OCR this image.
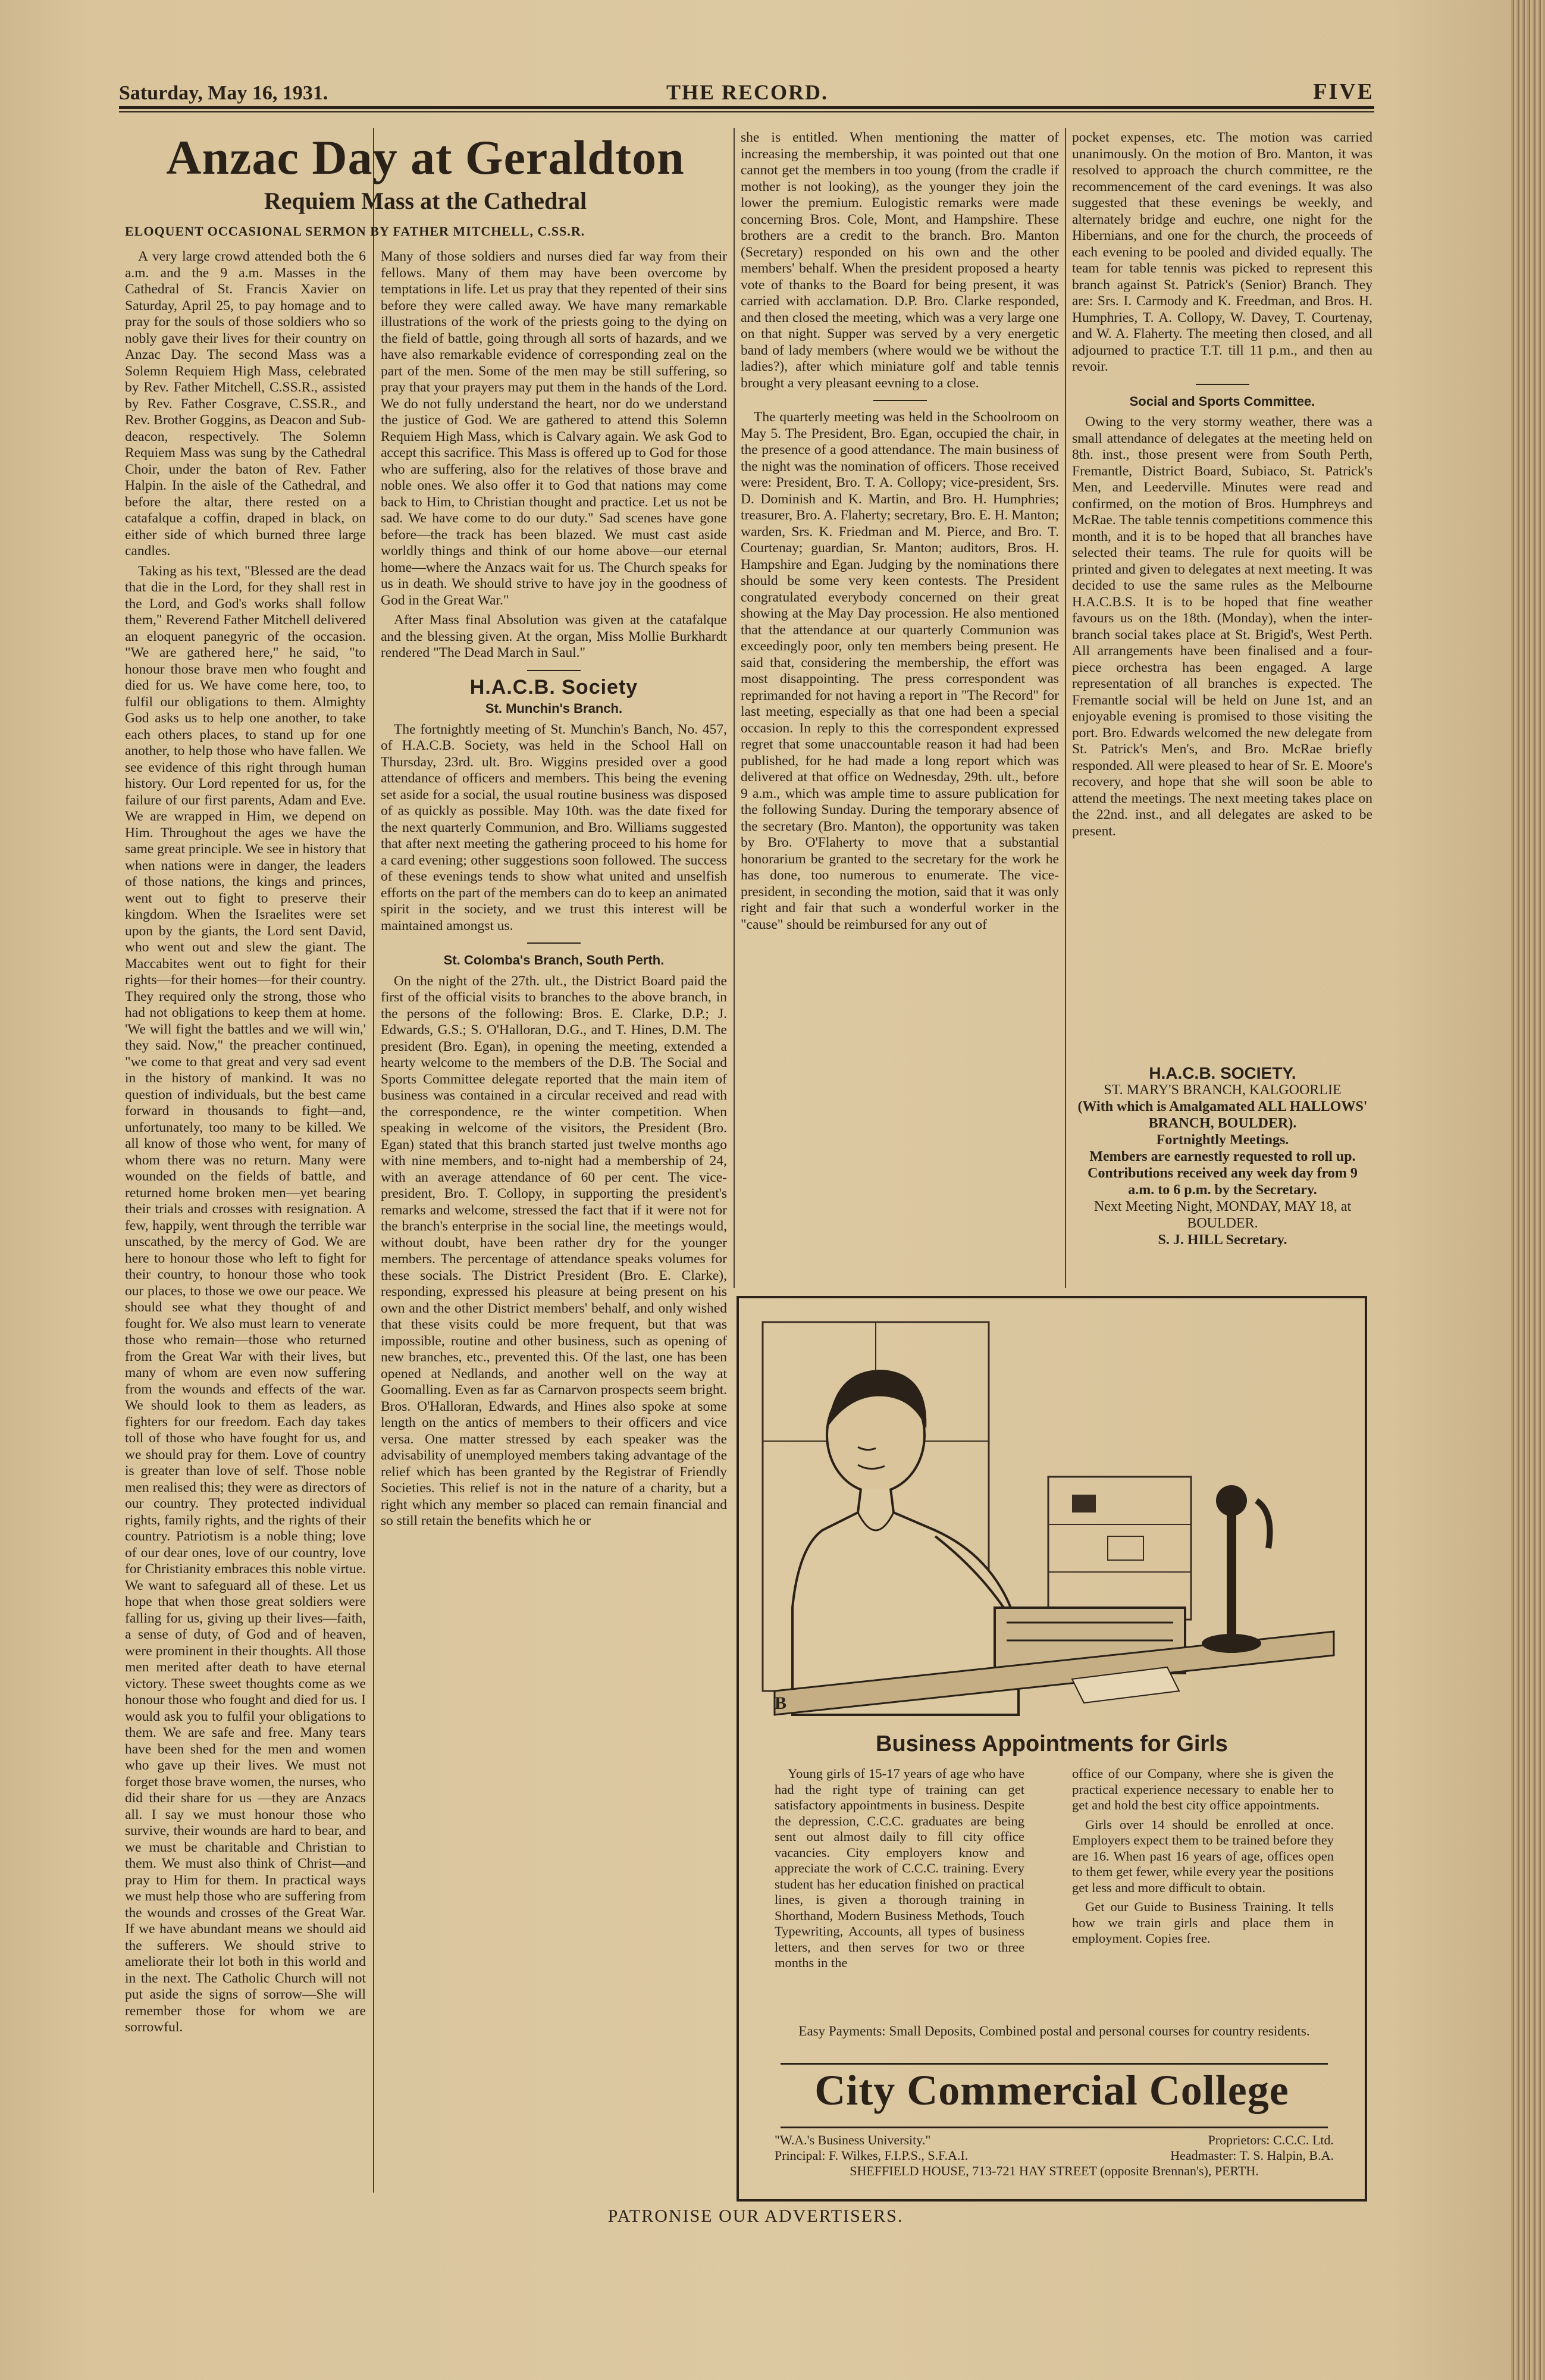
Saturday, May 16, 1931.	THE RECORD.	FIVE
Anzac Day at Geraldton
Requiem Mass at the Cathedral
ELOQUENT OCCASIONAL SERMON BY FATHER MITCHELL, C.SS.R.

A very large crowd attended both the 6 a.m. and the 9 a.m. Masses in the Cathedral of St. Francis Xavier on Saturday, April 25, to pay homage and to pray for the souls of those soldiers who so nobly gave their lives for their country on Anzac Day. The second Mass was a Solemn Requiem High Mass, celebrated by Rev. Father Mitchell, C.SS.R., assisted by Rev. Father Cosgrave, C.SS.R., and Rev. Brother Goggins, as Deacon and Sub-deacon, respectively. The Solemn Requiem Mass was sung by the Cathedral Choir, under the baton of Rev. Father Halpin. In the aisle of the Cathedral, and before the altar, there rested on a catafalque a coffin, draped in black, on either side of which burned three large candles.

Taking as his text, "Blessed are the dead that die in the Lord, for they shall rest in the Lord, and God's works shall follow them," Reverend Father Mitchell delivered an eloquent panegyric of the occasion. "We are gathered here," he said, "to honour those brave men who fought and died for us. We have come here, too, to fulfil our obligations to them. Almighty God asks us to help one another, to take each others places, to stand up for one another, to help those who have fallen. We see evidence of this right through human history. Our Lord repented for us, for the failure of our first parents, Adam and Eve. We are wrapped in Him, we depend on Him. Throughout the ages we have the same great principle. We see in history that when nations were in danger, the leaders of those nations, the kings and princes, went out to fight to preserve their kingdom. When the Israelites were set upon by the giants, the Lord sent David, who went out and slew the giant. The Maccabites went out to fight for their rights—for their homes—for their country. They required only the strong, those who had not obligations to keep them at home. 'We will fight the battles and we will win,' they said. Now," the preacher continued, "we come to that great and very sad event in the history of mankind. It was no question of individuals, but the best came forward in thousands to fight—and, unfortunately, too many to be killed. We all know of those who went, for many of whom there was no return. Many were wounded on the fields of battle, and returned home broken men—yet bearing their trials and crosses with resignation. A few, happily, went through the terrible war unscathed, by the mercy of God. We are here to honour those who left to fight for their country, to honour those who took our places, to those we owe our peace. We should see what they thought of and fought for. We also must learn to venerate those who remain—those who returned from the Great War with their lives, but many of whom are even now suffering from the wounds and effects of the war. We should look to them as leaders, as fighters for our freedom. Each day takes toll of those who have fought for us, and we should pray for them. Love of country is greater than love of self. Those noble men realised this; they were as directors of our country. They protected individual rights, family rights, and the rights of their country. Patriotism is a noble thing; love of our dear ones, love of our country, love for Christianity embraces this noble virtue. We want to safeguard all of these. Let us hope that when those great soldiers were falling for us, giving up their lives—faith, a sense of duty, of God and of heaven, were prominent in their thoughts. All those men merited after death to have eternal victory. These sweet thoughts come as we honour those who fought and died for us. I would ask you to fulfil your obligations to them. We are safe and free. Many tears have been shed for the men and women who gave up their lives. We must not forget those brave women, the nurses, who did their share for us —they are Anzacs all. I say we must honour those who survive, their wounds are hard to bear, and we must be charitable and Christian to them. We must also think of Christ—and pray to Him for them. In practical ways we must help those who are suffering from the wounds and crosses of the Great War. If we have abundant means we should aid the sufferers. We should strive to ameliorate their lot both in this world and in the next. The Catholic Church will not put aside the signs of sorrow—She will remember those for whom we are sorrowful.

Many of those soldiers and nurses died far way from their fellows. Many of them may have been overcome by temptations in life. Let us pray that they repented of their sins before they were called away. We have many remarkable illustrations of the work of the priests going to the dying on the field of battle, going through all sorts of hazards, and we have also remarkable evidence of corresponding zeal on the part of the men. Some of the men may be still suffering, so pray that your prayers may put them in the hands of the Lord. We do not fully understand the heart, nor do we understand the justice of God. We are gathered to attend this Solemn Requiem High Mass, which is Calvary again. We ask God to accept this sacrifice. This Mass is offered up to God for those who are suffering, also for the relatives of those brave and noble ones. We also offer it to God that nations may come back to Him, to Christian thought and practice. Let us not be sad. We have come to do our duty." Sad scenes have gone before—the track has been blazed. We must cast aside worldly things and think of our home above—our eternal home—where the Anzacs wait for us. The Church speaks for us in death. We should strive to have joy in the goodness of God in the Great War."

After Mass final Absolution was given at the catafalque and the blessing given. At the organ, Miss Mollie Burkhardt rendered "The Dead March in Saul."

H.A.C.B. Society
St. Munchin's Branch.

The fortnightly meeting of St. Munchin's Banch, No. 457, of H.A.C.B. Society, was held in the School Hall on Thursday, 23rd. ult. Bro. Wiggins presided over a good attendance of officers and members. This being the evening set aside for a social, the usual routine business was disposed of as quickly as possible. May 10th. was the date fixed for the next quarterly Communion, and Bro. Williams suggested that after next meeting the gathering proceed to his home for a card evening; other suggestions soon followed. The success of these evenings tends to show what united and unselfish efforts on the part of the members can do to keep an animated spirit in the society, and we trust this interest will be maintained amongst us.

St. Colomba's Branch, South Perth.

On the night of the 27th. ult., the District Board paid the first of the official visits to branches to the above branch, in the persons of the following: Bros. E. Clarke, D.P.; J. Edwards, G.S.; S. O'Halloran, D.G., and T. Hines, D.M. The president (Bro. Egan), in opening the meeting, extended a hearty welcome to the members of the D.B. The Social and Sports Committee delegate reported that the main item of business was contained in a circular received and read with the correspondence, re the winter competition. When speaking in welcome of the visitors, the President (Bro. Egan) stated that this branch started just twelve months ago with nine members, and to-night had a membership of 24, with an average attendance of 60 per cent. The vice-president, Bro. T. Collopy, in supporting the president's remarks and welcome, stressed the fact that if it were not for the branch's enterprise in the social line, the meetings would, without doubt, have been rather dry for the younger members. The percentage of attendance speaks volumes for these socials. The District President (Bro. E. Clarke), responding, expressed his pleasure at being present on his own and the other District members' behalf, and only wished that these visits could be more frequent, but that was impossible, routine and other business, such as opening of new branches, etc., prevented this. Of the last, one has been opened at Nedlands, and another well on the way at Goomalling. Even as far as Carnarvon prospects seem bright. Bros. O'Halloran, Edwards, and Hines also spoke at some length on the antics of members to their officers and vice versa. One matter stressed by each speaker was the advisability of unemployed members taking advantage of the relief which has been granted by the Registrar of Friendly Societies. This relief is not in the nature of a charity, but a right which any member so placed can remain financial and so still retain the benefits which he or

she is entitled. When mentioning the matter of increasing the membership, it was pointed out that one cannot get the members in too young (from the cradle if mother is not looking), as the younger they join the lower the premium. Eulogistic remarks were made concerning Bros. Cole, Mont, and Hampshire. These brothers are a credit to the branch. Bro. Manton (Secretary) responded on his own and the other members' behalf. When the president proposed a hearty vote of thanks to the Board for being present, it was carried with acclamation. D.P. Bro. Clarke responded, and then closed the meeting, which was a very large one on that night. Supper was served by a very energetic band of lady members (where would we be without the ladies?), after which miniature golf and table tennis brought a very pleasant eevning to a close.

The quarterly meeting was held in the Schoolroom on May 5. The President, Bro. Egan, occupied the chair, in the presence of a good attendance. The main business of the night was the nomination of officers. Those received were: President, Bro. T. A. Collopy; vice-president, Srs. D. Dominish and K. Martin, and Bro. H. Humphries; treasurer, Bro. A. Flaherty; secretary, Bro. E. H. Manton; warden, Srs. K. Friedman and M. Pierce, and Bro. T. Courtenay; guardian, Sr. Manton; auditors, Bros. H. Hampshire and Egan. Judging by the nominations there should be some very keen contests. The President congratulated everybody concerned on their great showing at the May Day procession. He also mentioned that the attendance at our quarterly Communion was exceedingly poor, only ten members being present. He said that, considering the membership, the effort was most disappointing. The press correspondent was reprimanded for not having a report in "The Record" for last meeting, especially as that one had been a special occasion. In reply to this the correspondent expressed regret that some unaccountable reason it had had been published, for he had made a long report which was delivered at that office on Wednesday, 29th. ult., before 9 a.m., which was ample time to assure publication for the following Sunday. During the temporary absence of the secretary (Bro. Manton), the opportunity was taken by Bro. O'Flaherty to move that a substantial honorarium be granted to the secretary for the work he has done, too numerous to enumerate. The vice-president, in seconding the motion, said that it was only right and fair that such a wonderful worker in the "cause" should be reimbursed for any out of

pocket expenses, etc. The motion was carried unanimously. On the motion of Bro. Manton, it was resolved to approach the church committee, re the recommencement of the card evenings. It was also suggested that these evenings be weekly, and alternately bridge and euchre, one night for the Hibernians, and one for the church, the proceeds of each evening to be pooled and divided equally. The team for table tennis was picked to represent this branch against St. Patrick's (Senior) Branch. They are: Srs. I. Carmody and K. Freedman, and Bros. H. Humphries, T. A. Collopy, W. Davey, T. Courtenay, and W. A. Flaherty. The meeting then closed, and all adjourned to practice T.T. till 11 p.m., and then au revoir.

Social and Sports Committee.

Owing to the very stormy weather, there was a small attendance of delegates at the meeting held on 8th. inst., those present were from South Perth, Fremantle, District Board, Subiaco, St. Patrick's Men, and Leederville. Minutes were read and confirmed, on the motion of Bros. Humphreys and McRae. The table tennis competitions commence this month, and it is to be hoped that all branches have selected their teams. The rule for quoits will be printed and given to delegates at next meeting. It was decided to use the same rules as the Melbourne H.A.C.B.S. It is to be hoped that fine weather favours us on the 18th. (Monday), when the inter-branch social takes place at St. Brigid's, West Perth. All arrangements have been finalised and a four-piece orchestra has been engaged. A large representation of all branches is expected. The Fremantle social will be held on June 1st, and an enjoyable evening is promised to those visiting the port. Bro. Edwards welcomed the new delegate from St. Patrick's Men's, and Bro. McRae briefly responded. All were pleased to hear of Sr. E. Moore's recovery, and hope that she will soon be able to attend the meetings. The next meeting takes place on the 22nd. inst., and all delegates are asked to be present.

H.A.C.B. SOCIETY.
ST. MARY'S BRANCH, KALGOORLIE
(With which is Amalgamated ALL HALLOWS' BRANCH, BOULDER).
Fortnightly Meetings.
Members are earnestly requested to roll up.
Contributions received any week day from 9 a.m. to 6 p.m. by the Secretary.
Next Meeting Night, MONDAY, MAY 18, at BOULDER.
S. J. HILL Secretary.
B
Business Appointments for Girls

Young girls of 15-17 years of age who have had the right type of training can get satisfactory appointments in business. Despite the depression, C.C.C. graduates are being sent out almost daily to fill city office vacancies. City employers know and appreciate the work of C.C.C. training. Every student has her education finished on practical lines, is given a thorough training in Shorthand, Modern Business Methods, Touch Typewriting, Accounts, all types of business letters, and then serves for two or three months in the

office of our Company, where she is given the practical experience necessary to enable her to get and hold the best city office appointments.

Girls over 14 should be enrolled at once. Employers expect them to be trained before they are 16. When past 16 years of age, offices open to them get fewer, while every year the positions get less and more difficult to obtain.

Get our Guide to Business Training. It tells how we train girls and place them in employment. Copies free.

Easy Payments: Small Deposits, Combined postal and personal courses for country residents.
City Commercial College
"W.A.'s Business University."	Proprietors: C.C.C. Ltd.
Principal: F. Wilkes, F.I.P.S., S.F.A.I.	Headmaster: T. S. Halpin, B.A.
SHEFFIELD HOUSE, 713-721 HAY STREET (opposite Brennan's), PERTH.
PATRONISE OUR ADVERTISERS.
